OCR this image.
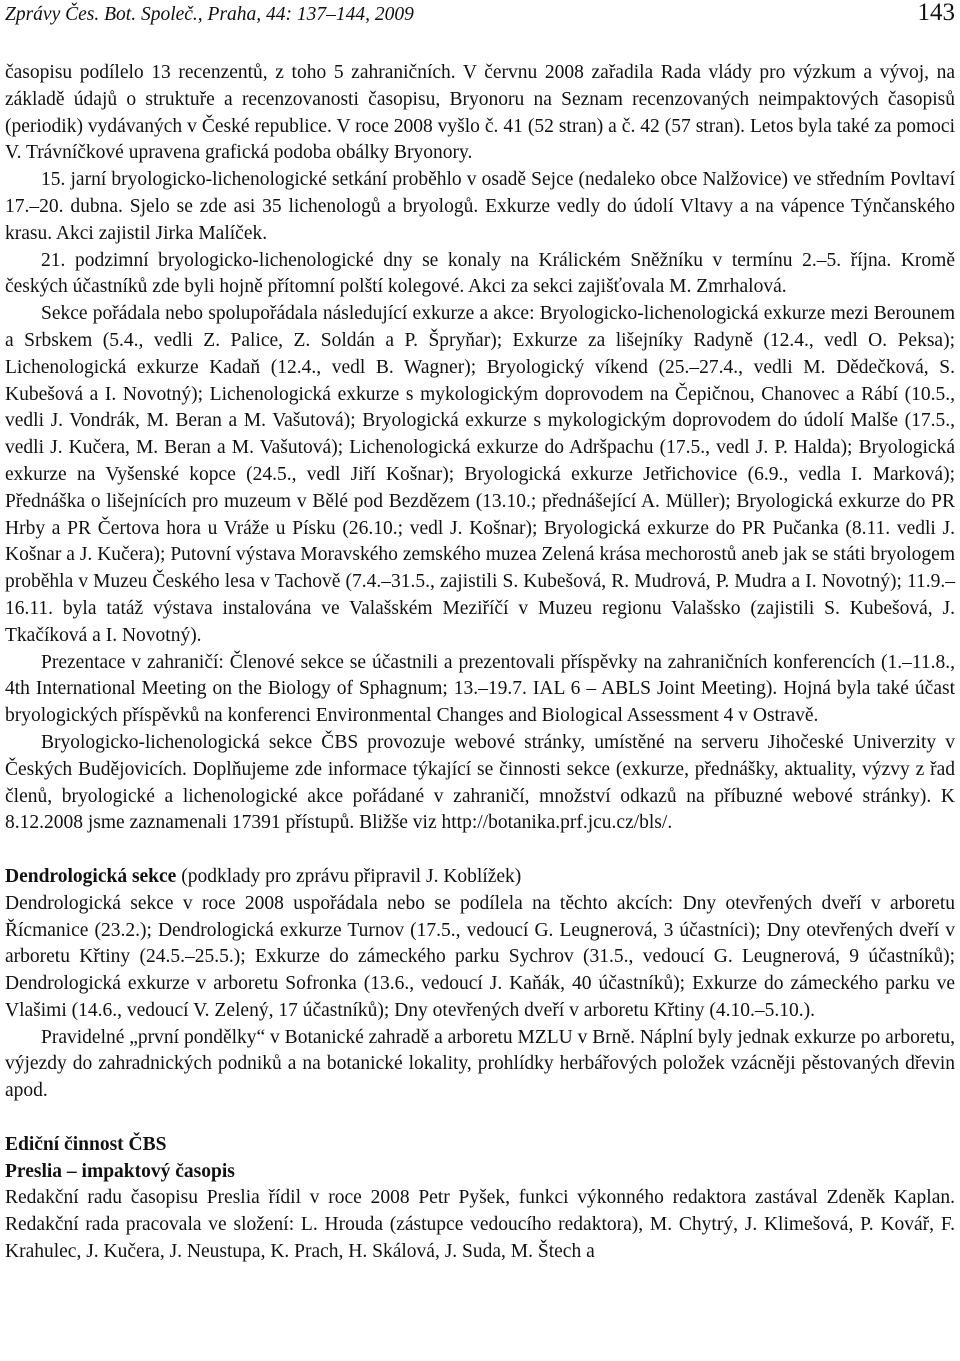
Zprávy Čes. Bot. Společ., Praha, 44: 137–144, 2009	143

časopisu podílelo 13 recenzentů, z toho 5 zahraničních. V červnu 2008 zařadila Rada vlády pro výzkum a vývoj, na základě údajů o struktuře a recenzovanosti časopisu, Bryonoru na Seznam recenzovaných neimpaktových časopisů (periodik) vydávaných v České republice. V roce 2008 vyšlo č. 41 (52 stran) a č. 42 (57 stran). Letos byla také za pomoci V. Trávníčkové upravena grafická podoba obálky Bryonory.

15. jarní bryologicko-lichenologické setkání proběhlo v osadě Sejce (nedaleko obce Nalžovice) ve středním Povltaví 17.–20. dubna. Sjelo se zde asi 35 lichenologů a bryologů. Exkurze vedly do údolí Vltavy a na vápence Týnčanského krasu. Akci zajistil Jirka Malíček.

21. podzimní bryologicko-lichenologické dny se konaly na Králickém Sněžníku v termínu 2.–5. října. Kromě českých účastníků zde byli hojně přítomní polští kolegové. Akci za sekci zajišťovala M. Zmrhalová.

Sekce pořádala nebo spolupořádala následující exkurze a akce: Bryologicko-lichenologická exkurze mezi Berounem a Srbskem (5.4., vedli Z. Palice, Z. Soldán a P. Špryňar); Exkurze za lišejníky Radyně (12.4., vedl O. Peksa); Lichenologická exkurze Kadaň (12.4., vedl B. Wagner); Bryologický víkend (25.–27.4., vedli M. Dědečková, S. Kubešová a I. Novotný); Lichenologická exkurze s mykologickým doprovodem na Čepičnou, Chanovec a Rábí (10.5., vedli J. Vondrák, M. Beran a M. Vašutová); Bryologická exkurze s mykologickým doprovodem do údolí Malše (17.5., vedli J. Kučera, M. Beran a M. Vašutová); Lichenologická exkurze do Adršpachu (17.5., vedl J. P. Halda); Bryologická exkurze na Vyšenské kopce (24.5., vedl Jiří Košnar); Bryologická exkurze Jetřichovice (6.9., vedla I. Marková); Přednáška o lišejnících pro muzeum v Bělé pod Bezdězem (13.10.; přednášející A. Müller); Bryologická exkurze do PR Hrby a PR Čertova hora u Vráže u Písku (26.10.; vedl J. Košnar); Bryologická exkurze do PR Pučanka (8.11. vedli J. Košnar a J. Kučera); Putovní výstava Moravského zemského muzea Zelená krása mechorostů aneb jak se státi bryologem proběhla v Muzeu Českého lesa v Tachově (7.4.–31.5., zajistili S. Kubešová, R. Mudrová, P. Mudra a I. Novotný); 11.9.–16.11. byla tatáž výstava instalována ve Valašském Meziříčí v Muzeu regionu Valašsko (zajistili S. Kubešová, J. Tkačíková a I. Novotný).

Prezentace v zahraničí: Členové sekce se účastnili a prezentovali příspěvky na zahraničních konferencích (1.–11.8., 4th International Meeting on the Biology of Sphagnum; 13.–19.7. IAL 6 – ABLS Joint Meeting). Hojná byla také účast bryologických příspěvků na konferenci Environmental Changes and Biological Assessment 4 v Ostravě.

Bryologicko-lichenologická sekce ČBS provozuje webové stránky, umístěné na serveru Jihočeské Univerzity v Českých Budějovicích. Doplňujeme zde informace týkající se činnosti sekce (exkurze, přednášky, aktuality, výzvy z řad členů, bryologické a lichenologické akce pořádané v zahraničí, množství odkazů na příbuzné webové stránky). K 8.12.2008 jsme zaznamenali 17391 přístupů. Bližše viz http://botanika.prf.jcu.cz/bls/.

Dendrologická sekce (podklady pro zprávu připravil J. Koblížek)

Dendrologická sekce v roce 2008 uspořádala nebo se podílela na těchto akcích: Dny otevřených dveří v arboretu Řícmanice (23.2.); Dendrologická exkurze Turnov (17.5., vedoucí G. Leugnerová, 3 účastníci); Dny otevřených dveří v arboretu Křtiny (24.5.–25.5.); Exkurze do zámeckého parku Sychrov (31.5., vedoucí G. Leugnerová, 9 účastníků); Dendrologická exkurze v arboretu Sofronka (13.6., vedoucí J. Kaňák, 40 účastníků); Exkurze do zámeckého parku ve Vlašimi (14.6., vedoucí V. Zelený, 17 účastníků); Dny otevřených dveří v arboretu Křtiny (4.10.–5.10.).

Pravidelné „první pondělky“ v Botanické zahradě a arboretu MZLU v Brně. Náplní byly jednak exkurze po arboretu, výjezdy do zahradnických podniků a na botanické lokality, prohlídky herbářových položek vzácněji pěstovaných dřevin apod.

Ediční činnost ČBS

Preslia – impaktový časopis

Redakční radu časopisu Preslia řídil v roce 2008 Petr Pyšek, funkci výkonného redaktora zastával Zdeněk Kaplan. Redakční rada pracovala ve složení: L. Hrouda (zástupce vedoucího redaktora), M. Chytrý, J. Klimešová, P. Kovář, F. Krahulec, J. Kučera, J. Neustupa, K. Prach, H. Skálová, J. Suda, M. Štech a
